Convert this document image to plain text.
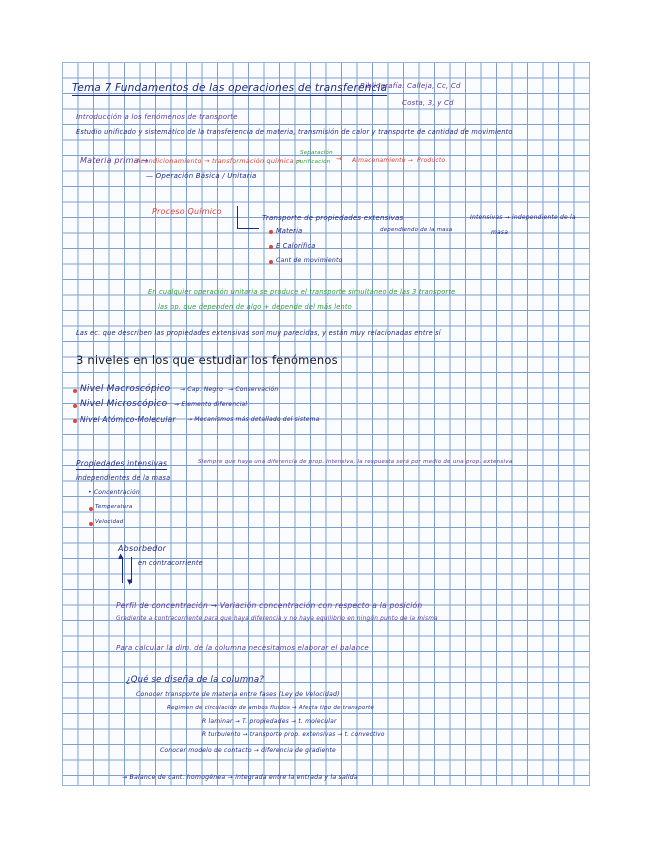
Tema 7 Fundamentos de las operaciones de transferencia
Bibliografía: Calleja, Cc, Cd
Costa, 3, y Cd
Introducción a los fenómenos de transporte
Estudio unificado y sistemático de la transferencia de materia, transmisión de calor y transporte de cantidad de movimiento
Materia prima →
Acondicionamiento → transformación química →
Separación
purificación → Almacenamiento → Producto
— Operación Básica / Unitaria
Proceso Químico
Transporte de propiedades extensivas
dependiendo de la masa
Intensivas → independiente de la
masa
Materia
E Calorífica
Cant de movimiento
En cualquier operación unitaria se produce el transporte simultáneo de las 3 transporte
las op. que dependen de algo + depende del más lento
Las ec. que describen las propiedades extensivas son muy parecidas, y están muy relacionadas entre sí
3 niveles en los que estudiar los fenómenos
Nivel Macroscópico → Cap. Negro → Conservación
Nivel Microscópico → Elemento diferencial
Nivel Atómico-Molecular → Mecanismos más detallado del sistema
Propiedades intensivas	Siempre que haya una diferencia de prop. intensiva, la respuesta será por medio de una prop. extensiva
independientes de la masa
• Concentración
Temperatura
Velocidad
Absorbedor
▲
▼
en contracorriente
Perfil de concentración → Variación concentración con respecto a la posición
Gradiente a contracorriente para que haya diferencia y no haya equilibrio en ningún punto de la misma
Para calcular la dim. de la columna necesitamos elaborar el balance
¿Qué se diseña de la columna?
Conocer transporte de materia entre fases (Ley de Velocidad)
Regimen de circulación de ambos fluidos → Afecta tipo de transporte
R laminar → T. propiedades → t. molecular
R turbulento → transporte prop. extensivas → t. convectivo
Conocer modelo de contacto → diferencia de gradiente
→ Balance de cant. homogénea → integrada entre la entrada y la salida
